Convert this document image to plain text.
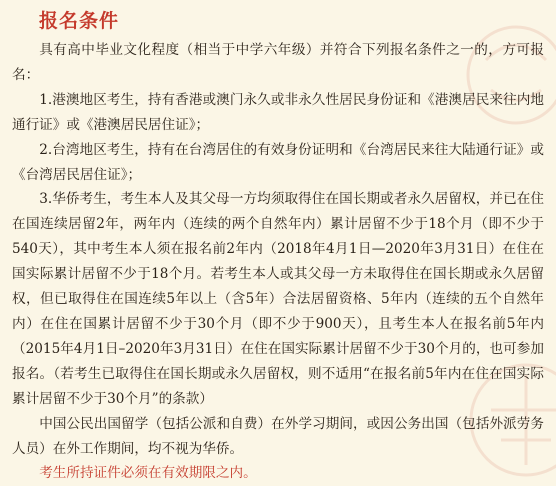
报名条件

具有高中毕业文化程度（相当于中学六年级）并符合下列报名条件之一的，方可报名：

1.港澳地区考生，持有香港或澳门永久或非永久性居民身份证和《港澳居民来往内地通行证》或《港澳居民居住证》；

2.台湾地区考生，持有在台湾居住的有效身份证明和《台湾居民来往大陆通行证》或《台湾居民居住证》；

3.华侨考生，考生本人及其父母一方均须取得住在国长期或者永久居留权，并已在住在国连续居留2年，两年内（连续的两个自然年内）累计居留不少于18个月（即不少于540天），其中考生本人须在报名前2年内（2018年4月1日—2020年3月31日）在住在国实际累计居留不少于18个月。若考生本人或其父母一方未取得住在国长期或永久居留权，但已取得住在国连续5年以上（含5年）合法居留资格、5年内（连续的五个自然年内）在住在国累计居留不少于30个月（即不少于900天），且考生本人在报名前5年内（2015年4月1日–2020年3月31日）在住在国实际累计居留不少于30个月的，也可参加报名。（若考生已取得住在国长期或永久居留权，则不适用“在报名前5年内在住在国实际累计居留不少于30个月”的条款）

中国公民出国留学（包括公派和自费）在外学习期间，或因公务出国（包括外派劳务人员）在外工作期间，均不视为华侨。

考生所持证件必须在有效期限之内。
